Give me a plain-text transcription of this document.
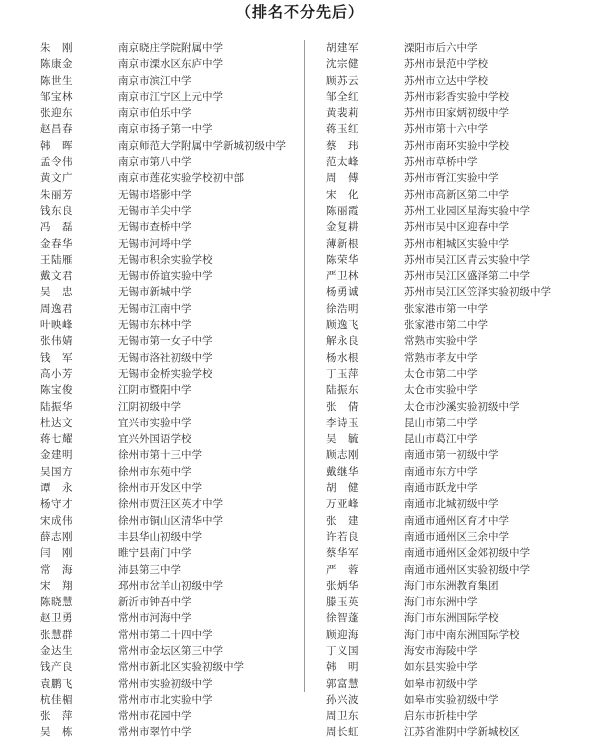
（排名不分先后）
朱　刚	南京晓庄学院附属中学
陈康金	南京市溧水区东庐中学
陈世生	南京市滨江中学
邹宝林	南京市江宁区上元中学
张迎东	南京市伯乐中学
赵昌春	南京市扬子第一中学
韩　晖	南京师范大学附属中学新城初级中学
孟令伟	南京市第八中学
黄文广	南京市莲花实验学校初中部
朱丽芳	无锡市塔影中学
钱东良	无锡市羊尖中学
冯　磊	无锡市查桥中学
金春华	无锡市河埒中学
王陆雁	无锡市积余实验学校
戴文君	无锡市侨谊实验中学
吴　忠	无锡市新城中学
周逸君	无锡市江南中学
叶映峰	无锡市东林中学
张伟婧	无锡市第一女子中学
钱　军	无锡市洛社初级中学
高小芳	无锡市金桥实验学校
陈宝俊	江阴市暨阳中学
陆振华	江阴初级中学
杜达文	宜兴市实验中学
蒋七耀	宜兴外国语学校
金建明	徐州市第十三中学
吴国方	徐州市东苑中学
谭　永	徐州市开发区中学
杨守才	徐州市贾汪区英才中学
宋成伟	徐州市铜山区清华中学
薛志刚	丰县华山初级中学
闫　刚	睢宁县南门中学
常　海	沛县第三中学
宋　翔	邳州市岔羊山初级中学
陈晓慧	新沂市钟吾中学
赵卫勇	常州市河海中学
张慧群	常州市第二十四中学
金达生	常州市金坛区第三中学
钱产良	常州市新北区实验初级中学
袁鹏飞	常州市实验初级中学
杭佳楣	常州市市北实验中学
张　萍	常州市花园中学
吴　栋	常州市翠竹中学
胡建军	溧阳市后六中学
沈宗健	苏州市景范中学校
顾苏云	苏州市立达中学校
邹全红	苏州市彩香实验中学校
黄裴莉	苏州市田家炳初级中学
蒋玉红	苏州市第十六中学
蔡　玮	苏州市南环实验中学校
范太峰	苏州市草桥中学
周　傅	苏州市胥江实验中学
宋　化	苏州市高新区第二中学
陈丽霞	苏州工业园区星海实验中学
金复耕	苏州市吴中区迎春中学
薄新根	苏州市相城区实验中学
陈荣华	苏州市吴江区青云实验中学
严卫林	苏州市吴江区盛泽第二中学
杨勇诚	苏州市吴江区笠泽实验初级中学
徐浩明	张家港市第一中学
顾逸飞	张家港市第二中学
解永良	常熟市实验中学
杨水根	常熟市孝友中学
丁玉萍	太仓市第二中学
陆振东	太仓市实验中学
张　倩	太仓市沙溪实验初级中学
李诗玉	昆山市第二中学
吴　毓	昆山市葛江中学
顾志刚	南通市第一初级中学
戴继华	南通市东方中学
胡　健	南通市跃龙中学
万亚峰	南通市北城初级中学
张　建	南通市通州区育才中学
许若良	南通市通州区三余中学
蔡华军	南通市通州区金郊初级中学
严　蓉	南通市通州区实验初级中学
张炳华	海门市东洲教育集团
滕玉英	海门市东洲中学
徐智蓬	海门市东洲国际学校
顾迎海	海门市中南东洲国际学校
丁义国	海安市海陵中学
韩　明	如东县实验中学
郭富慧	如皋市初级中学
孙兴波	如皋市实验初级中学
周卫东	启东市折桂中学
周长虹	江苏省淮阴中学新城校区
